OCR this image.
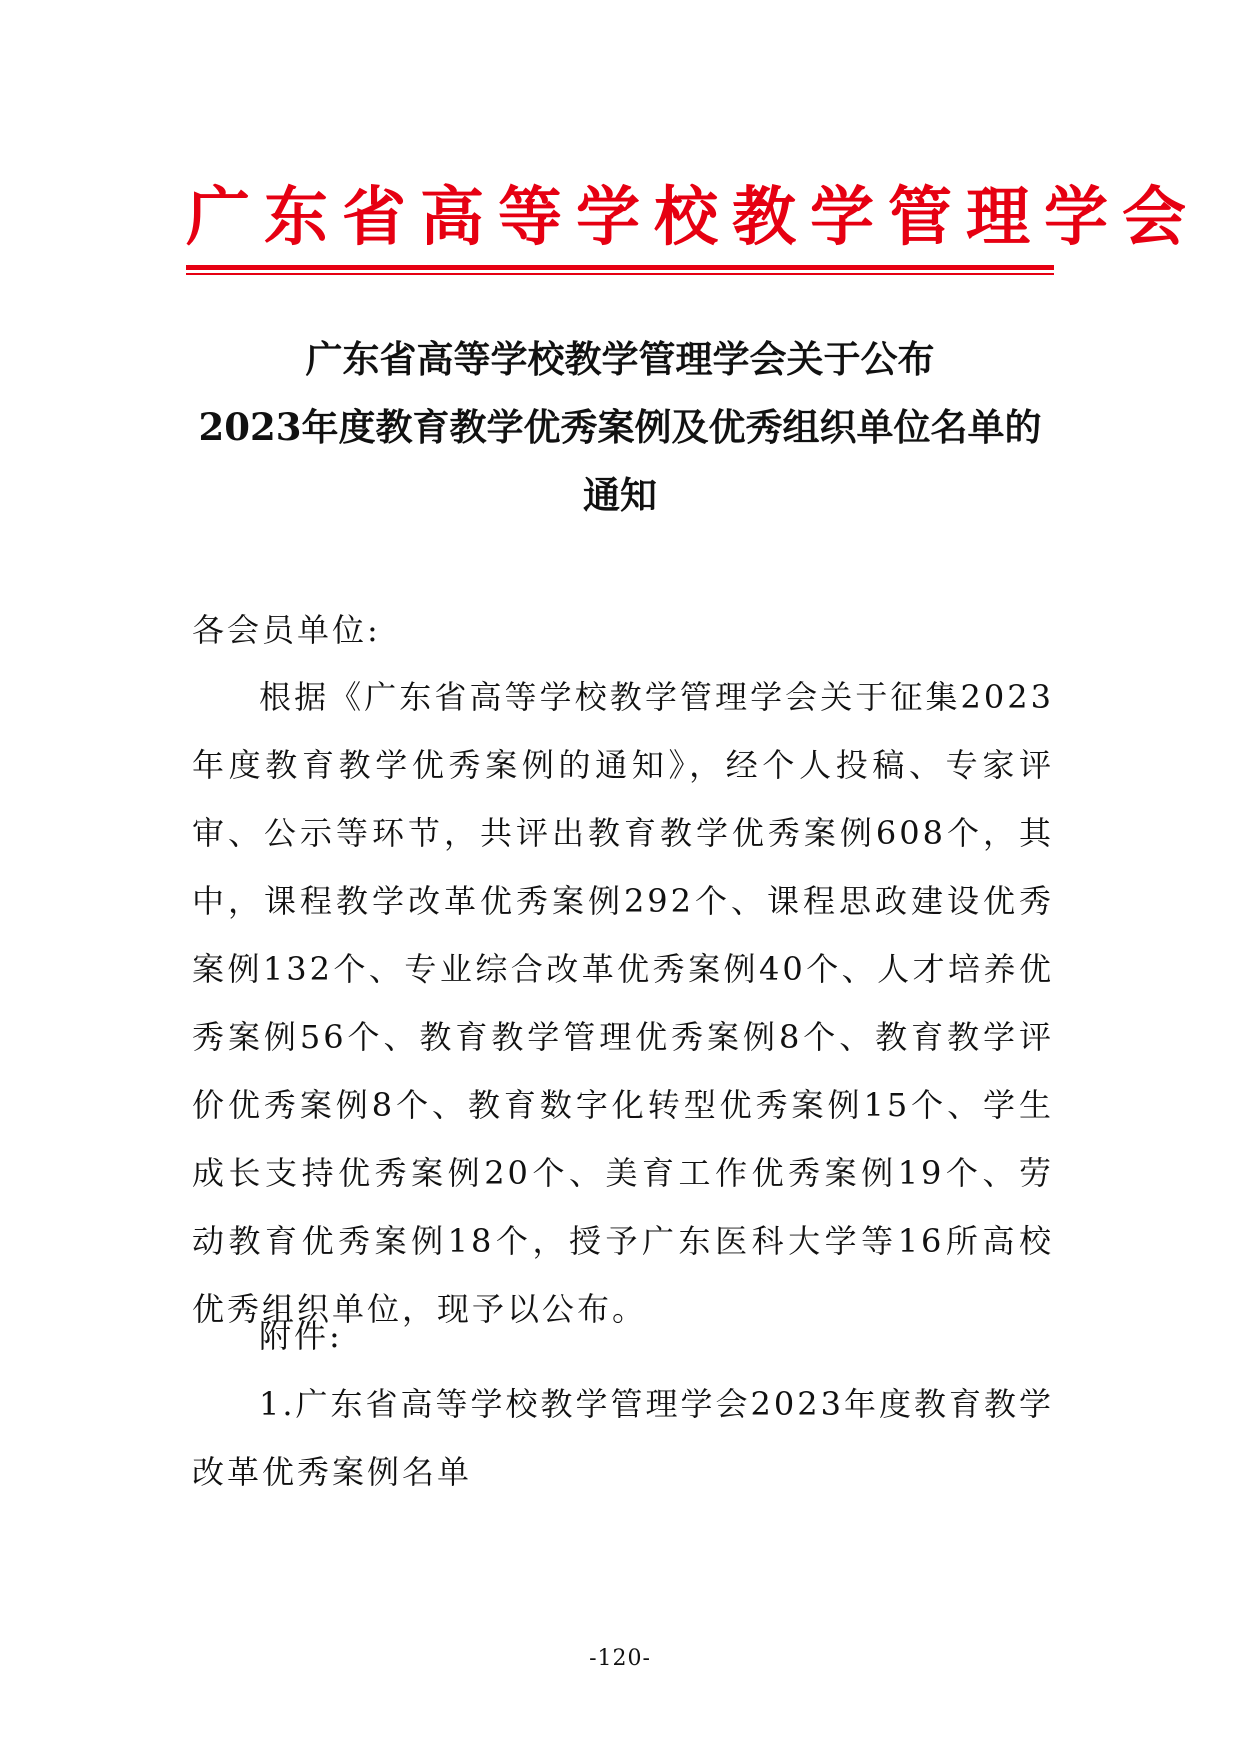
广东省高等学校教学管理学会
广东省高等学校教学管理学会关于公布
2023年度教育教学优秀案例及优秀组织单位名单的
通知
各会员单位:
根据《广东省高等学校教学管理学会关于征集2023年度教育教学优秀案例的通知》，经个人投稿、专家评审、公示等环节，共评出教育教学优秀案例608个，其中，课程教学改革优秀案例292个、课程思政建设优秀案例132个、专业综合改革优秀案例40个、人才培养优秀案例56个、教育教学管理优秀案例8个、教育教学评价优秀案例8个、教育数字化转型优秀案例15个、学生成长支持优秀案例20个、美育工作优秀案例19个、劳动教育优秀案例18个，授予广东医科大学等16所高校优秀组织单位，现予以公布。
附件:
1.广东省高等学校教学管理学会2023年度教育教学改革优秀案例名单
-120-
